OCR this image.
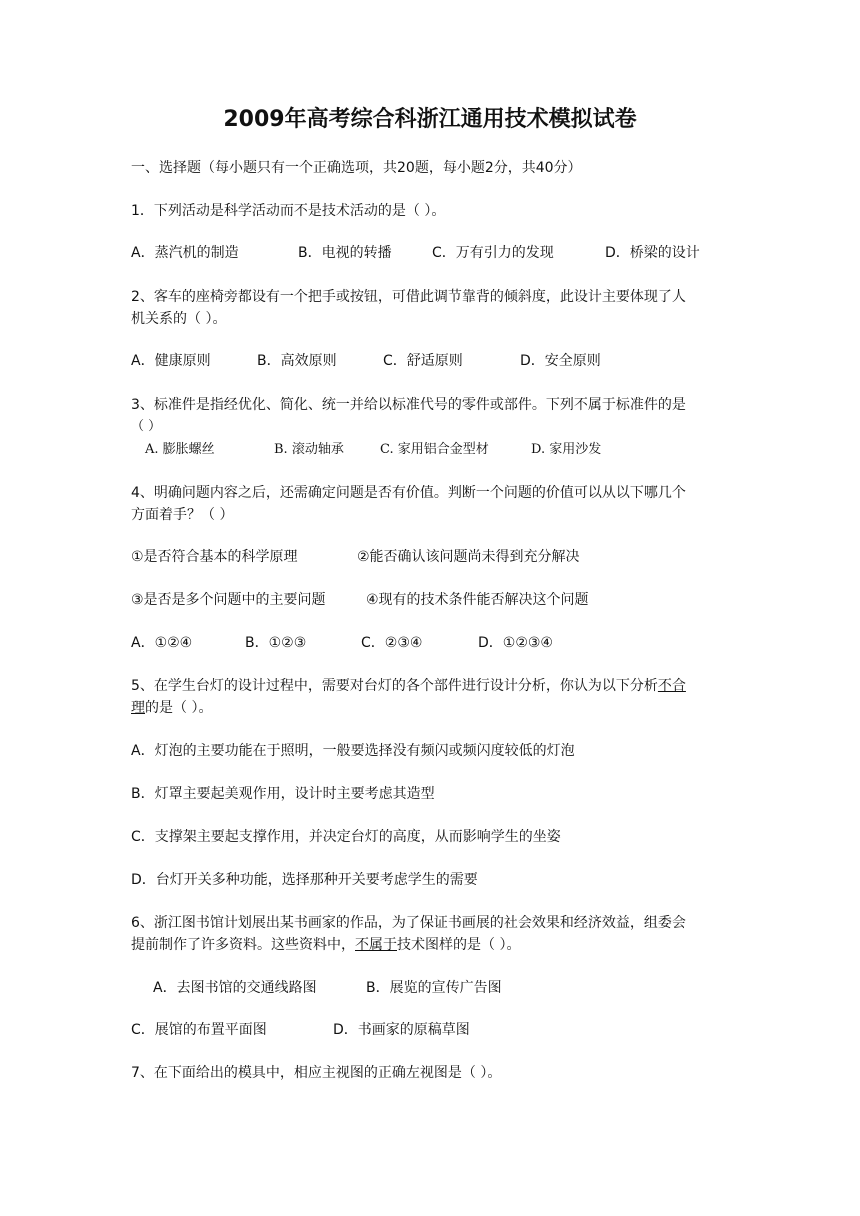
2009年高考综合科浙江通用技术模拟试卷
一、选择题（每小题只有一个正确选项，共20题，每小题2分，共40分）
1．下列活动是科学活动而不是技术活动的是（ ）。
A．蒸汽机的制造	B．电视的转播	C．万有引力的发现	D．桥梁的设计
2、客车的座椅旁都设有一个把手或按钮，可借此调节靠背的倾斜度，此设计主要体现了人
机关系的（ ）。
A．健康原则	B．高效原则	C．舒适原则	D．安全原则
3、标准件是指经优化、简化、统一并给以标准代号的零件或部件。下列不属于标准件的是
（ ）
A. 膨胀螺丝	B. 滚动轴承	C. 家用铝合金型材	D. 家用沙发
4、明确问题内容之后，还需确定问题是否有价值。判断一个问题的价值可以从以下哪几个
方面着手？（ ）
①是否符合基本的科学原理	②能否确认该问题尚未得到充分解决
③是否是多个问题中的主要问题	④现有的技术条件能否解决这个问题
A．①②④	B．①②③	C．②③④	D．①②③④
5、在学生台灯的设计过程中，需要对台灯的各个部件进行设计分析，你认为以下分析不合
理的是（ ）。
A．灯泡的主要功能在于照明，一般要选择没有频闪或频闪度较低的灯泡
B．灯罩主要起美观作用，设计时主要考虑其造型
C．支撑架主要起支撑作用，并决定台灯的高度，从而影响学生的坐姿
D．台灯开关多种功能，选择那种开关要考虑学生的需要
6、浙江图书馆计划展出某书画家的作品，为了保证书画展的社会效果和经济效益，组委会
提前制作了许多资料。这些资料中，不属于技术图样的是（ ）。
A．去图书馆的交通线路图	B．展览的宣传广告图
C．展馆的布置平面图	D．书画家的原稿草图
7、在下面给出的模具中，相应主视图的正确左视图是（ ）。
